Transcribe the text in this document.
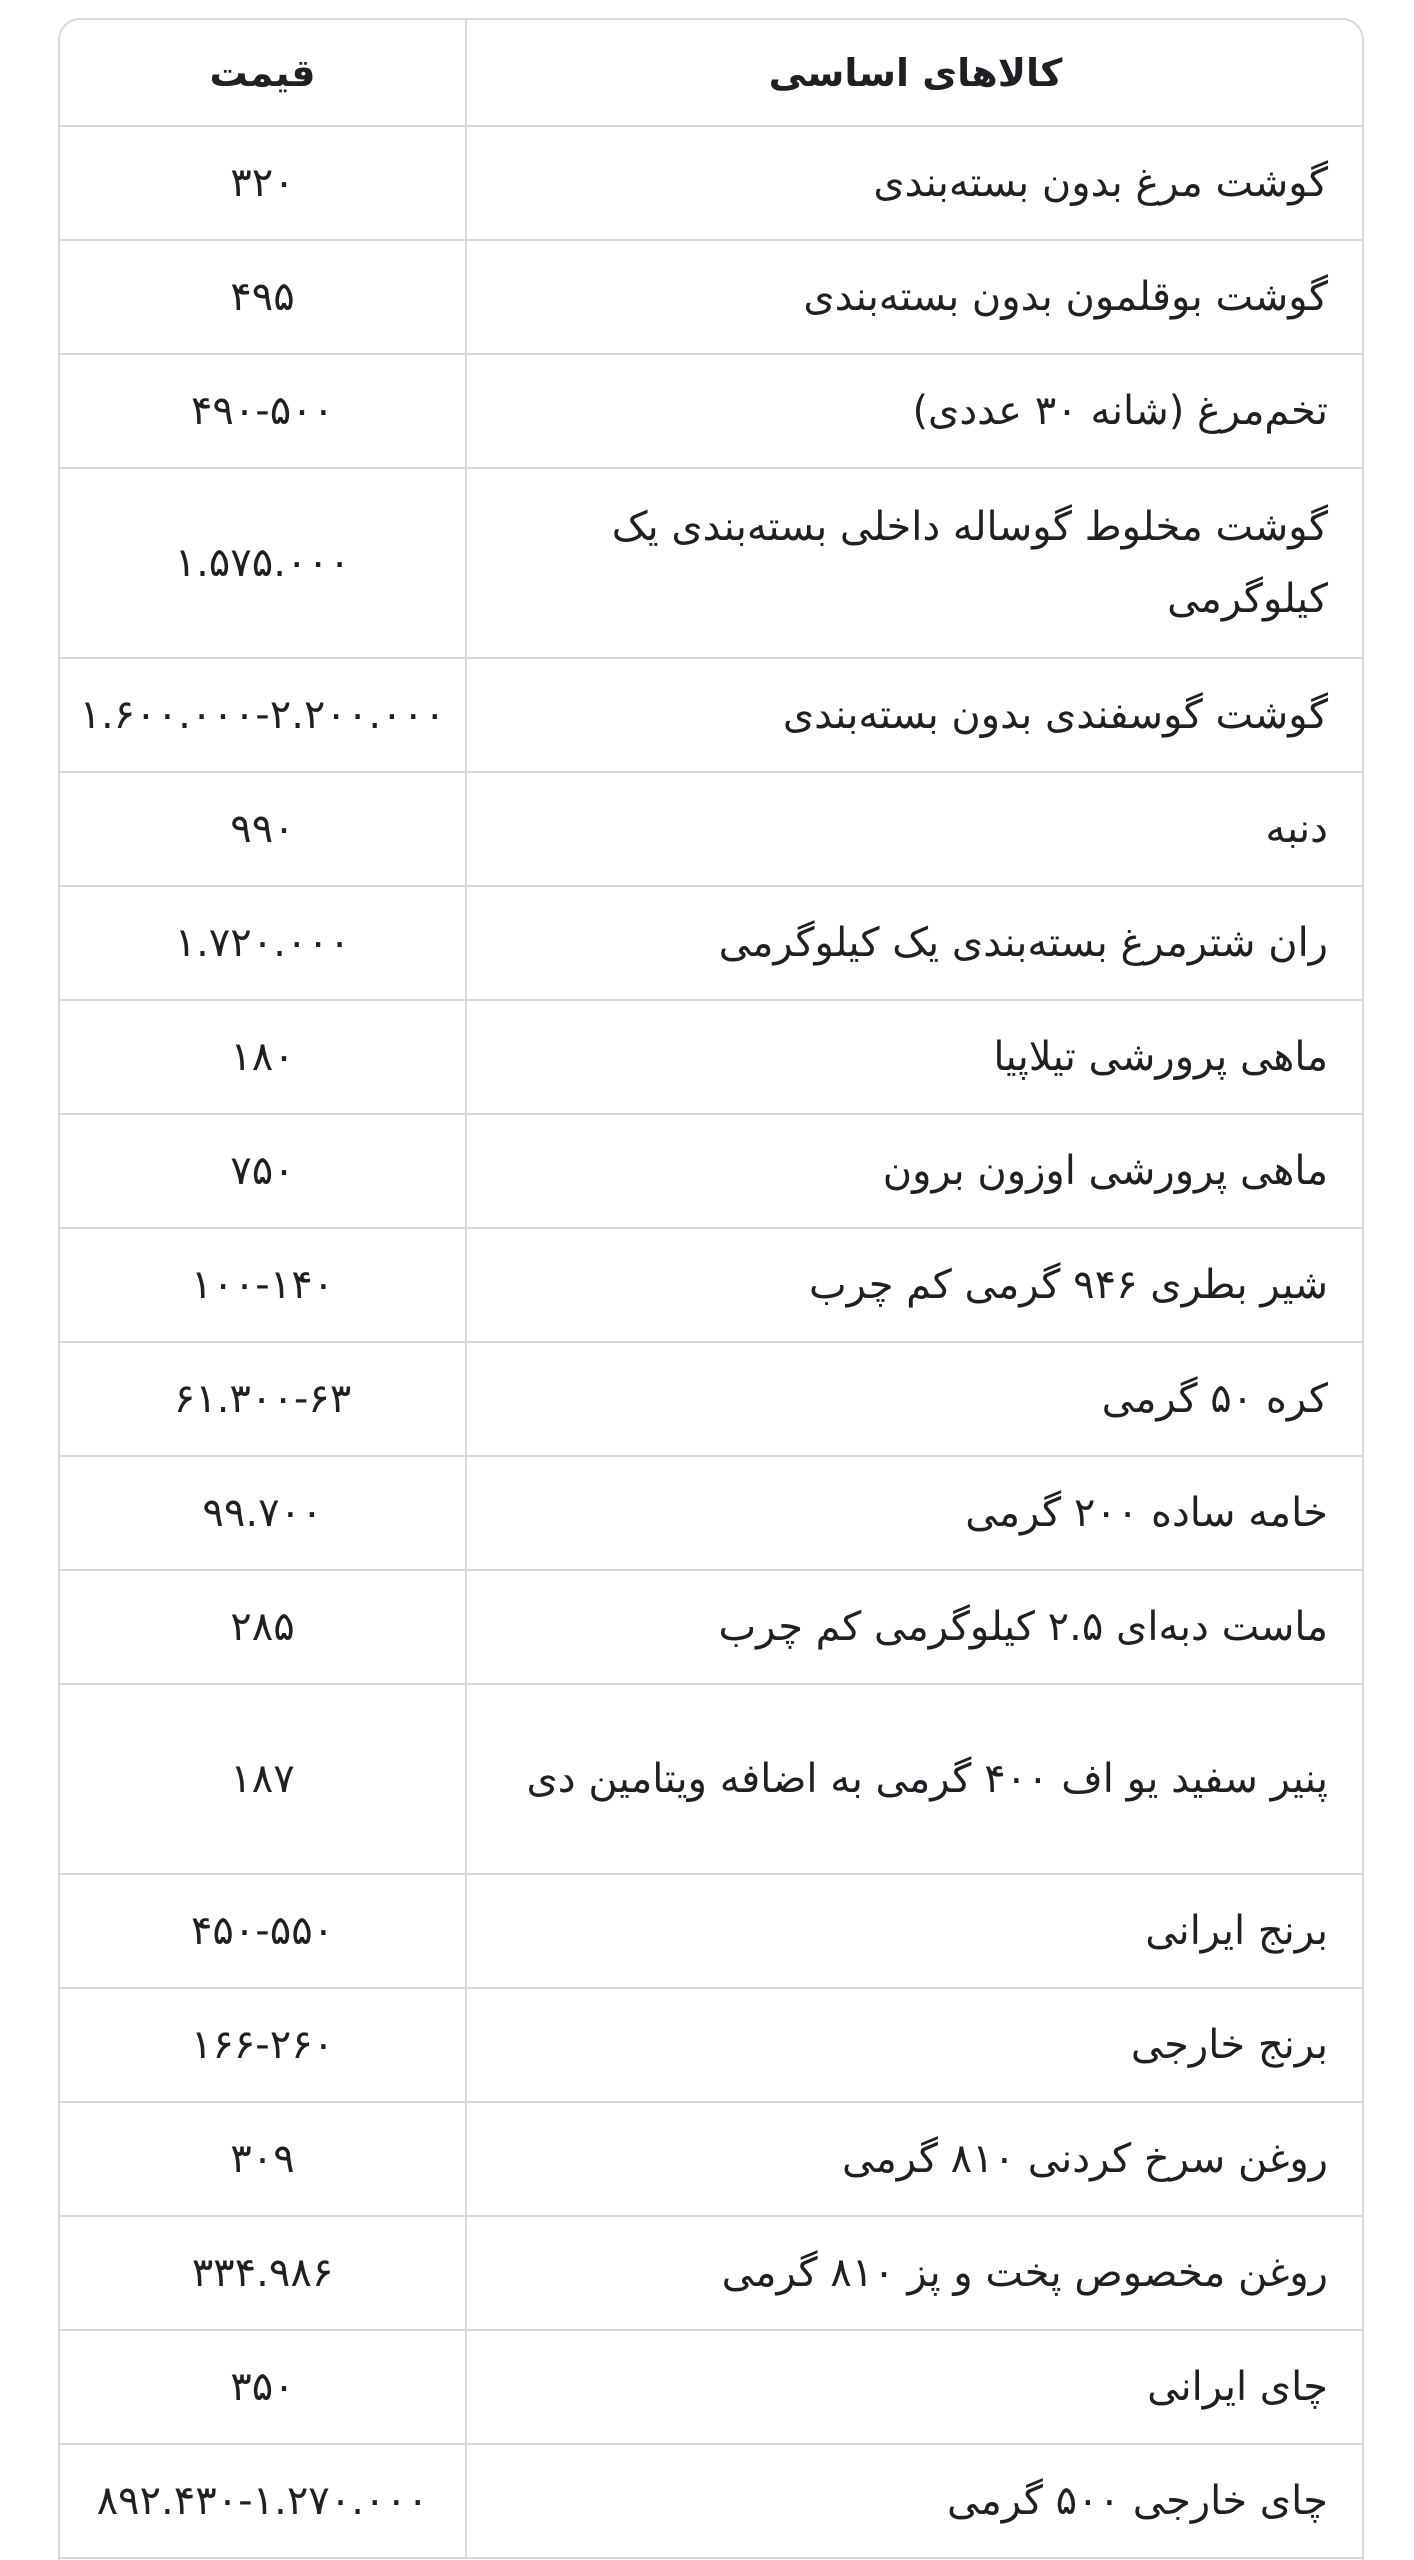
کالاهای اساسی	قیمت
گوشت مرغ بدون بسته‌بندی	۳۲۰
گوشت بوقلمون بدون بسته‌بندی	۴۹۵
تخم‌مرغ (شانه ۳۰ عددی)	۴۹۰-۵۰۰
گوشت مخلوط گوساله داخلی بسته‌بندی یک کیلوگرمی	۱.۵۷۵.۰۰۰
گوشت گوسفندی بدون بسته‌بندی	۱.۶۰۰.۰۰۰-۲.۲۰۰.۰۰۰
دنبه	۹۹۰
ران شترمرغ بسته‌بندی یک کیلوگرمی	۱.۷۲۰.۰۰۰
ماهی پرورشی تیلاپیا	۱۸۰
ماهی پرورشی اوزون برون	۷۵۰
شیر بطری ۹۴۶ گرمی کم چرب	۱۰۰-۱۴۰
کره ۵۰ گرمی	۶۱.۳۰۰-۶۳
خامه ساده ۲۰۰ گرمی	۹۹.۷۰۰
ماست دبه‌ای ۲.۵ کیلوگرمی کم چرب	۲۸۵
پنیر سفید یو اف ۴۰۰ گرمی به اضافه ویتامین دی	۱۸۷
برنج ایرانی	۴۵۰-۵۵۰
برنج خارجی	۱۶۶-۲۶۰
روغن سرخ کردنی ۸۱۰ گرمی	۳۰۹
روغن مخصوص پخت و پز ۸۱۰ گرمی	۳۳۴.۹۸۶
چای ایرانی	۳۵۰
چای خارجی ۵۰۰ گرمی	۸۹۲.۴۳۰-۱.۲۷۰.۰۰۰
